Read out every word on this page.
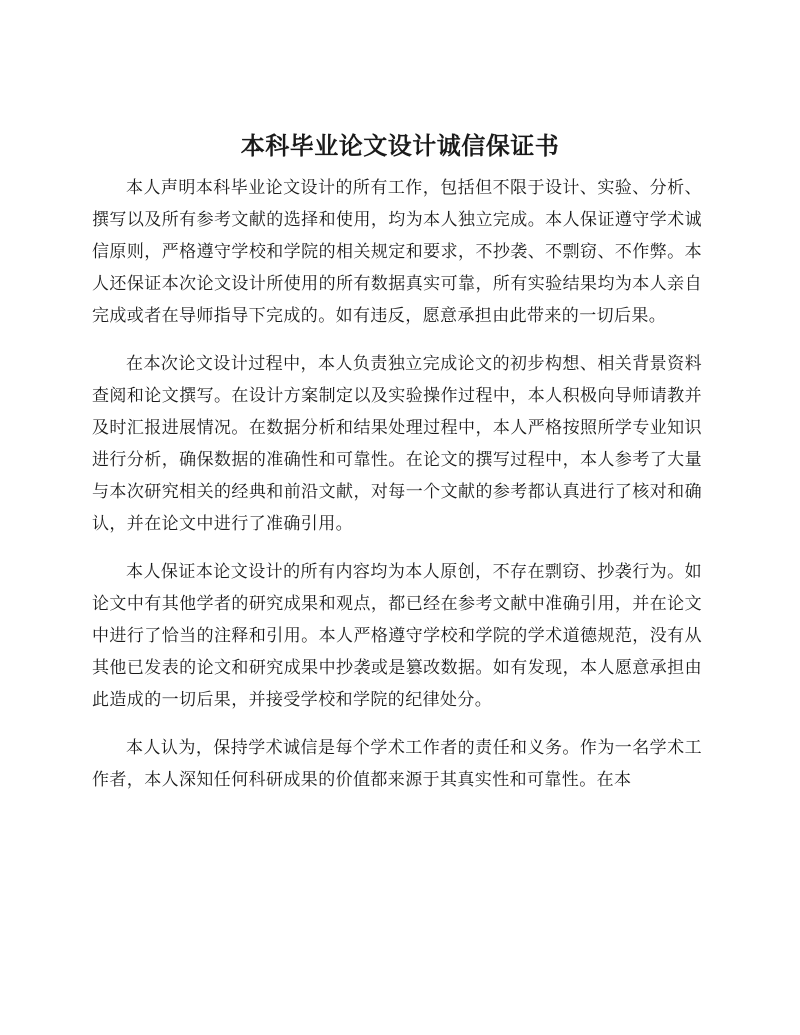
本科毕业论文设计诚信保证书

本人声明本科毕业论文设计的所有工作，包括但不限于设计、实验、分析、撰写以及所有参考文献的选择和使用，均为本人独立完成。本人保证遵守学术诚信原则，严格遵守学校和学院的相关规定和要求，不抄袭、不剽窃、不作弊。本人还保证本次论文设计所使用的所有数据真实可靠，所有实验结果均为本人亲自完成或者在导师指导下完成的。如有违反，愿意承担由此带来的一切后果。

在本次论文设计过程中，本人负责独立完成论文的初步构想、相关背景资料查阅和论文撰写。在设计方案制定以及实验操作过程中，本人积极向导师请教并及时汇报进展情况。在数据分析和结果处理过程中，本人严格按照所学专业知识进行分析，确保数据的准确性和可靠性。在论文的撰写过程中，本人参考了大量与本次研究相关的经典和前沿文献，对每一个文献的参考都认真进行了核对和确认，并在论文中进行了准确引用。

本人保证本论文设计的所有内容均为本人原创，不存在剽窃、抄袭行为。如论文中有其他学者的研究成果和观点，都已经在参考文献中准确引用，并在论文中进行了恰当的注释和引用。本人严格遵守学校和学院的学术道德规范，没有从其他已发表的论文和研究成果中抄袭或是篡改数据。如有发现，本人愿意承担由此造成的一切后果，并接受学校和学院的纪律处分。

本人认为，保持学术诚信是每个学术工作者的责任和义务。作为一名学术工作者，本人深知任何科研成果的价值都来源于其真实性和可靠性。在本
